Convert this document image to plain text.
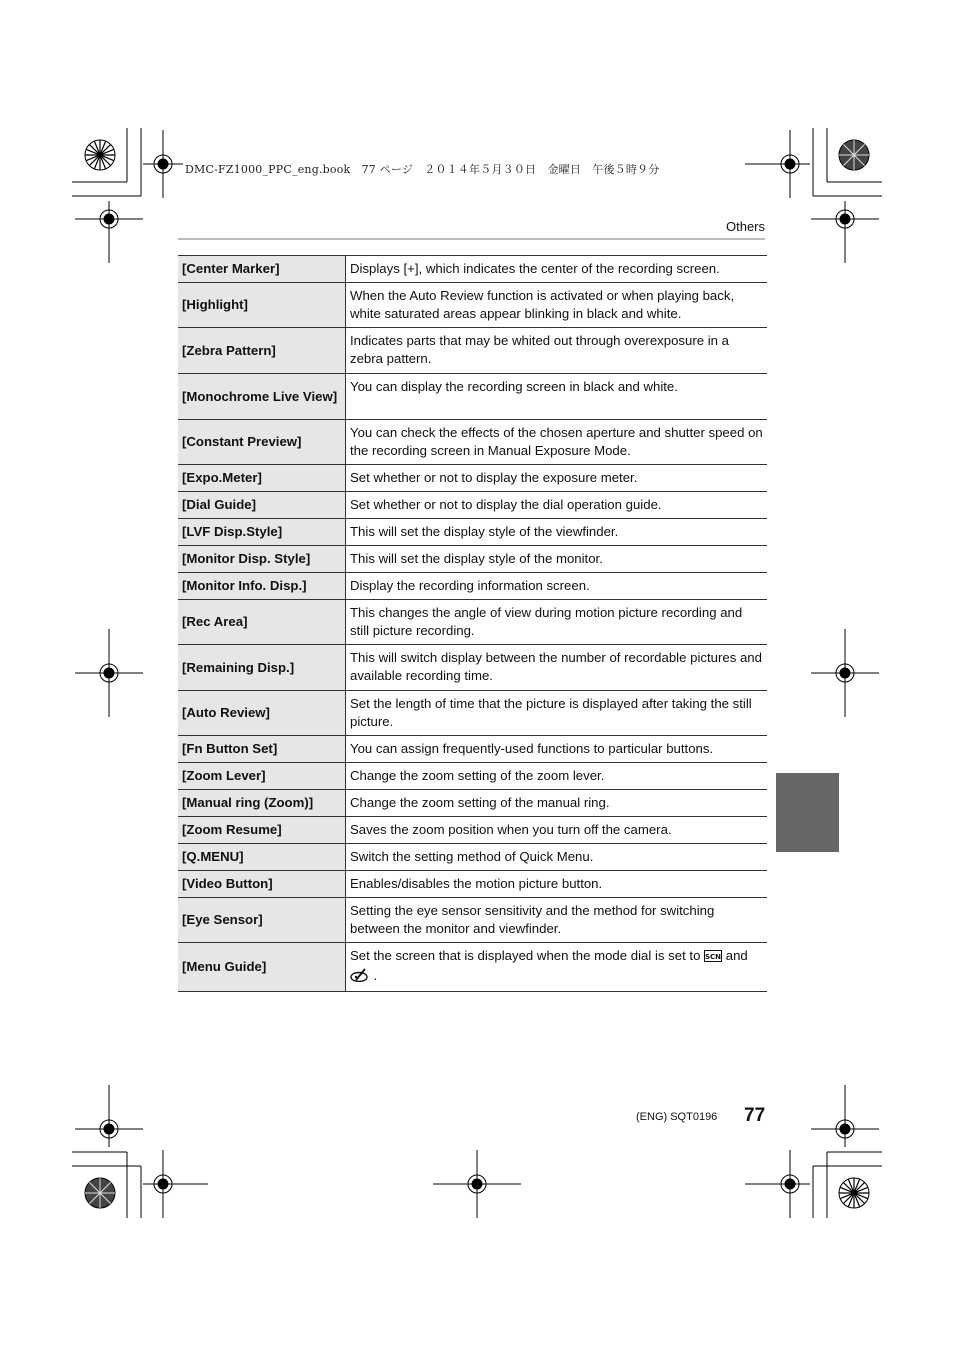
DMC-FZ1000_PPC_eng.book　77 ページ　２０１４年５月３０日　金曜日　午後５時９分
Others
[Center Marker]	Displays [+], which indicates the center of the recording screen.
[Highlight]	When the Auto Review function is activated or when playing back, white saturated areas appear blinking in black and white.
[Zebra Pattern]	Indicates parts that may be whited out through overexposure in a zebra pattern.
[Monochrome Live View]	You can display the recording screen in black and white.
[Constant Preview]	You can check the effects of the chosen aperture and shutter speed on the recording screen in Manual Exposure Mode.
[Expo.Meter]	Set whether or not to display the exposure meter.
[Dial Guide]	Set whether or not to display the dial operation guide.
[LVF Disp.Style]	This will set the display style of the viewfinder.
[Monitor Disp. Style]	This will set the display style of the monitor.
[Monitor Info. Disp.]	Display the recording information screen.
[Rec Area]	This changes the angle of view during motion picture recording and still picture recording.
[Remaining Disp.]	This will switch display between the number of recordable pictures and available recording time.
[Auto Review]	Set the length of time that the picture is displayed after taking the still picture.
[Fn Button Set]	You can assign frequently-used functions to particular buttons.
[Zoom Lever]	Change the zoom setting of the zoom lever.
[Manual ring (Zoom)]	Change the zoom setting of the manual ring.
[Zoom Resume]	Saves the zoom position when you turn off the camera.
[Q.MENU]	Switch the setting method of Quick Menu.
[Video Button]	Enables/disables the motion picture button.
[Eye Sensor]	Setting the eye sensor sensitivity and the method for switching between the monitor and viewfinder.
[Menu Guide]	Set the screen that is displayed when the mode dial is set to SCN and
.
(ENG) SQT0196 77
